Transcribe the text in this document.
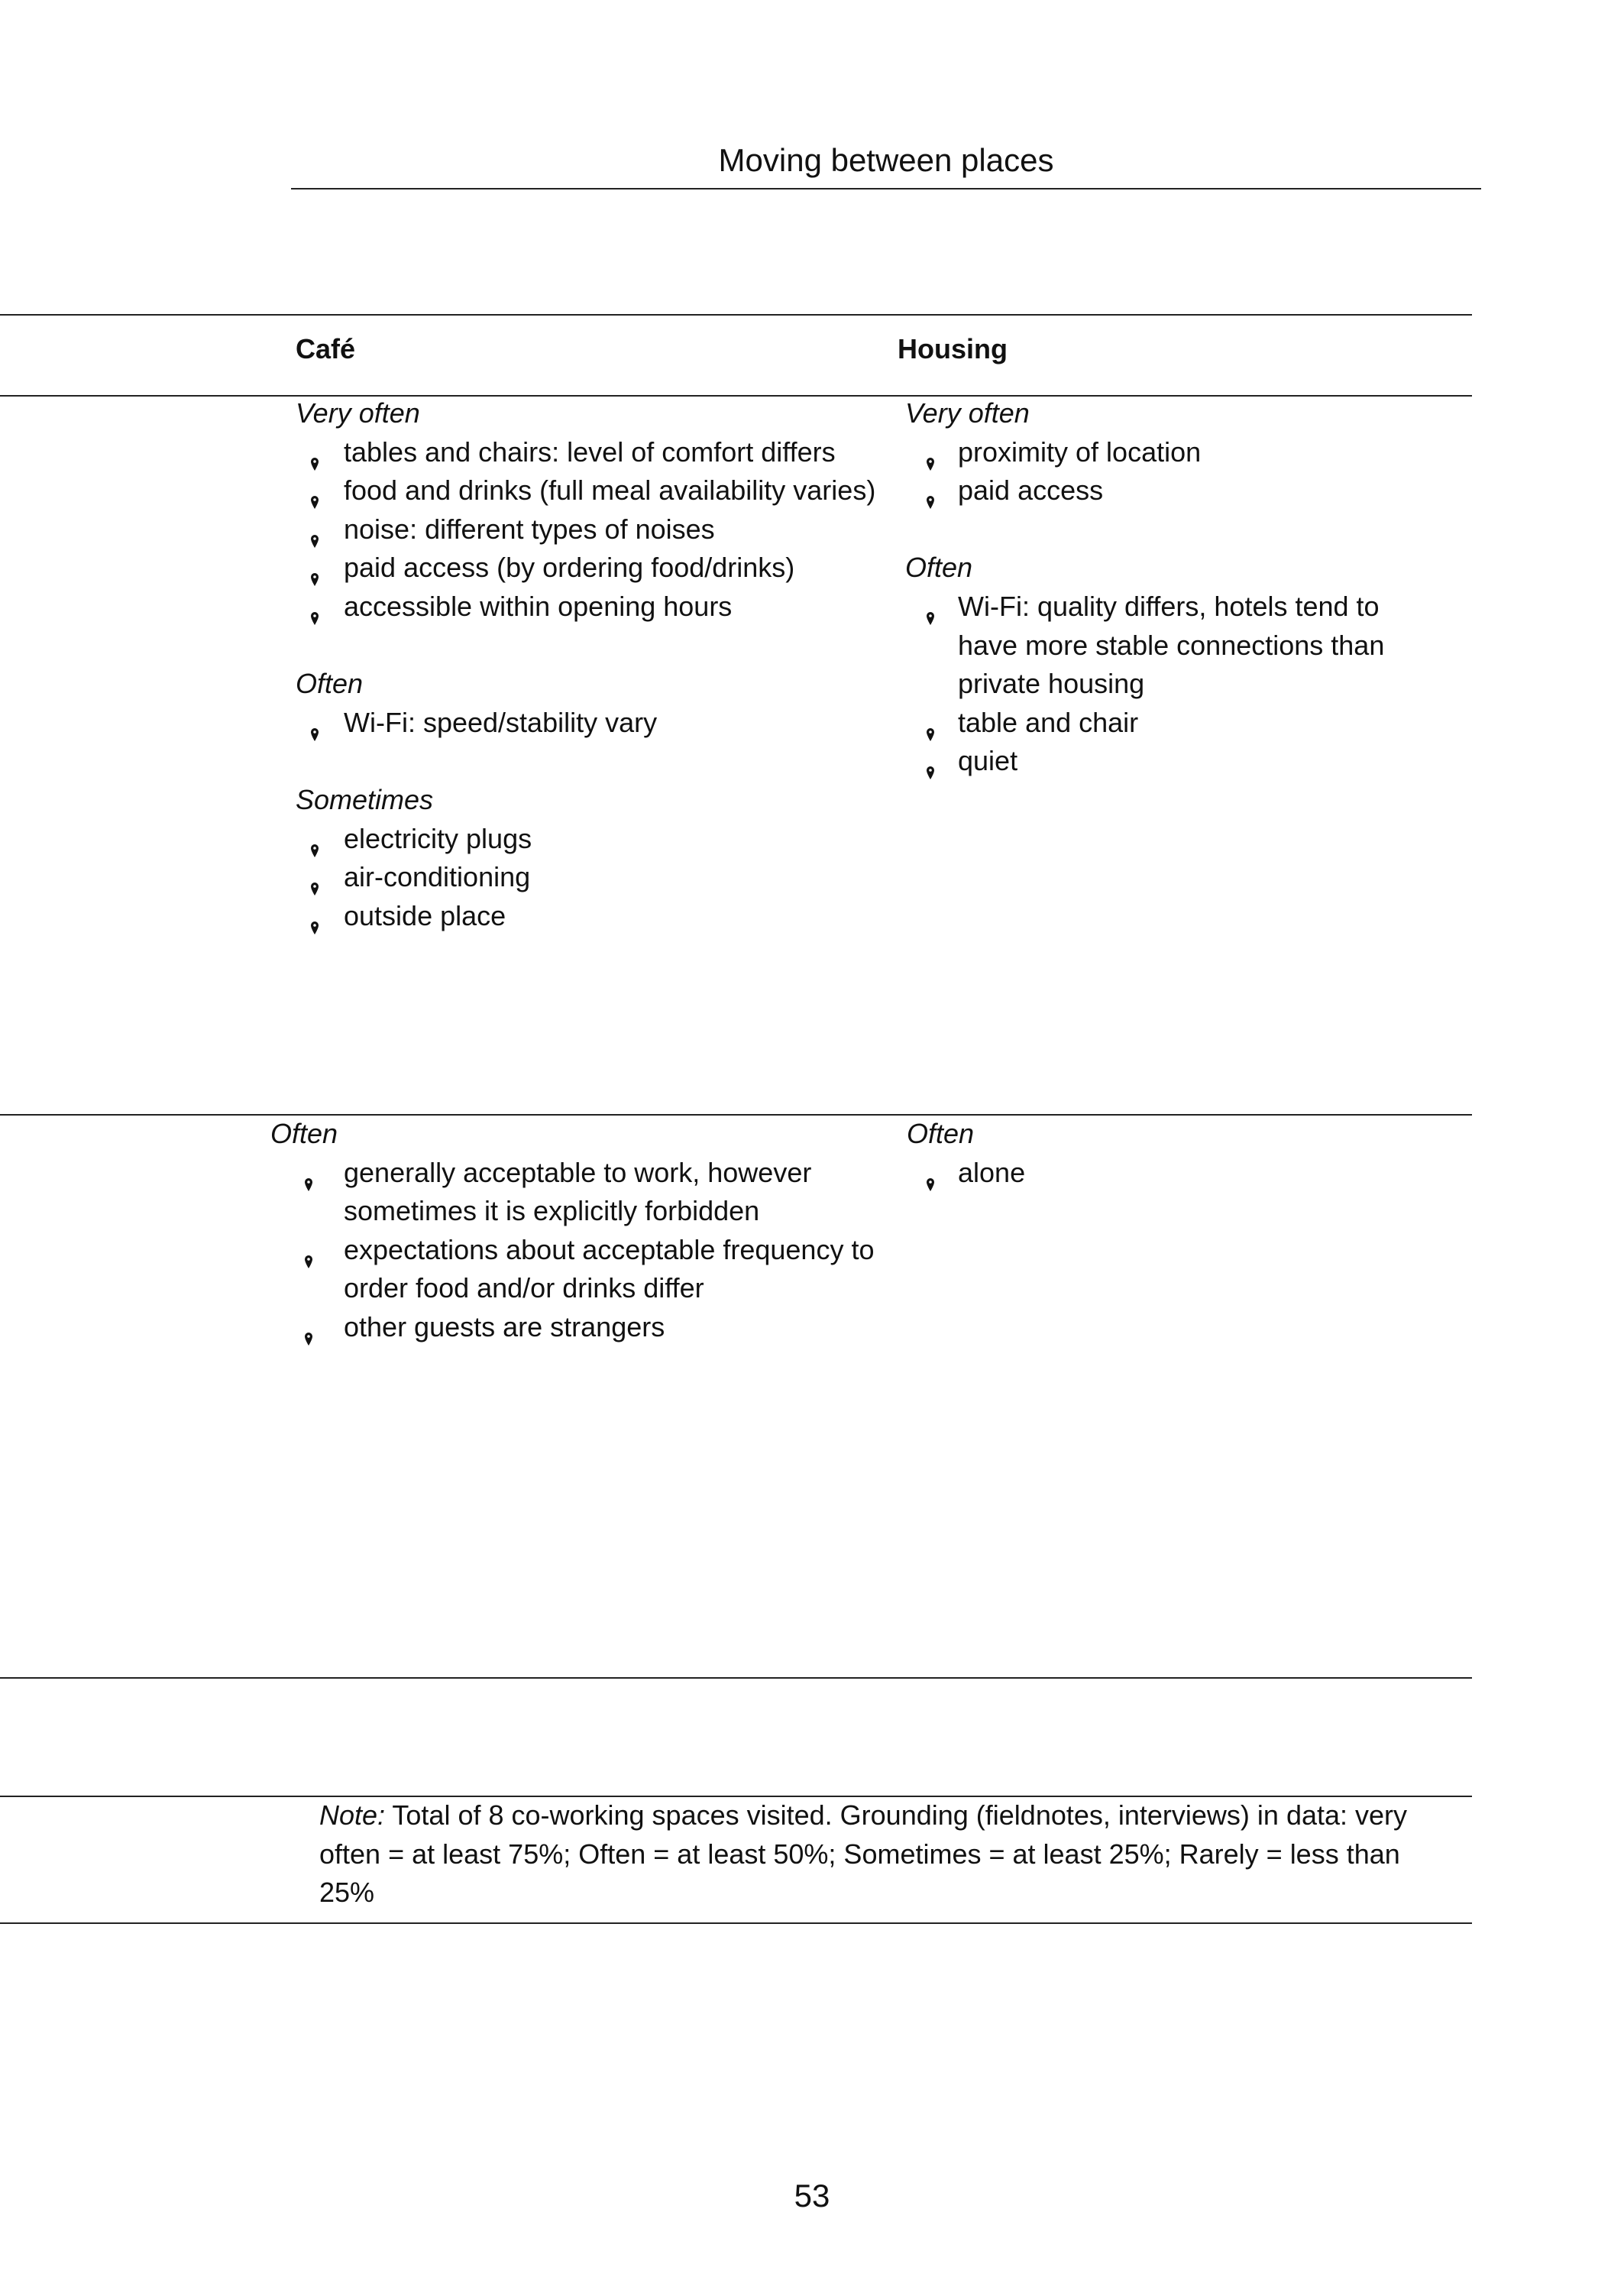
Moving between places
Café	Housing
Very often
tables and chairs: level of comfort differs
food and drinks (full meal availability varies)
noise: different types of noises
paid access (by ordering food/drinks)
accessible within opening hours
Often
Wi-Fi: speed/stability vary
Sometimes
electricity plugs
air-conditioning
outside place
Very often
proximity of location
paid access
Often
Wi-Fi: quality differs, hotels tend to have more stable connections than private housing
table and chair
quiet
Often
generally acceptable to work, however sometimes it is explicitly forbidden
expectations about acceptable frequency to order food and/or drinks differ
other guests are strangers
Often
alone
Note: Total of 8 co-working spaces visited. Grounding (fieldnotes, interviews) in data: very often = at least 75%; Often = at least 50%; Sometimes = at least 25%; Rarely = less than 25%
53
